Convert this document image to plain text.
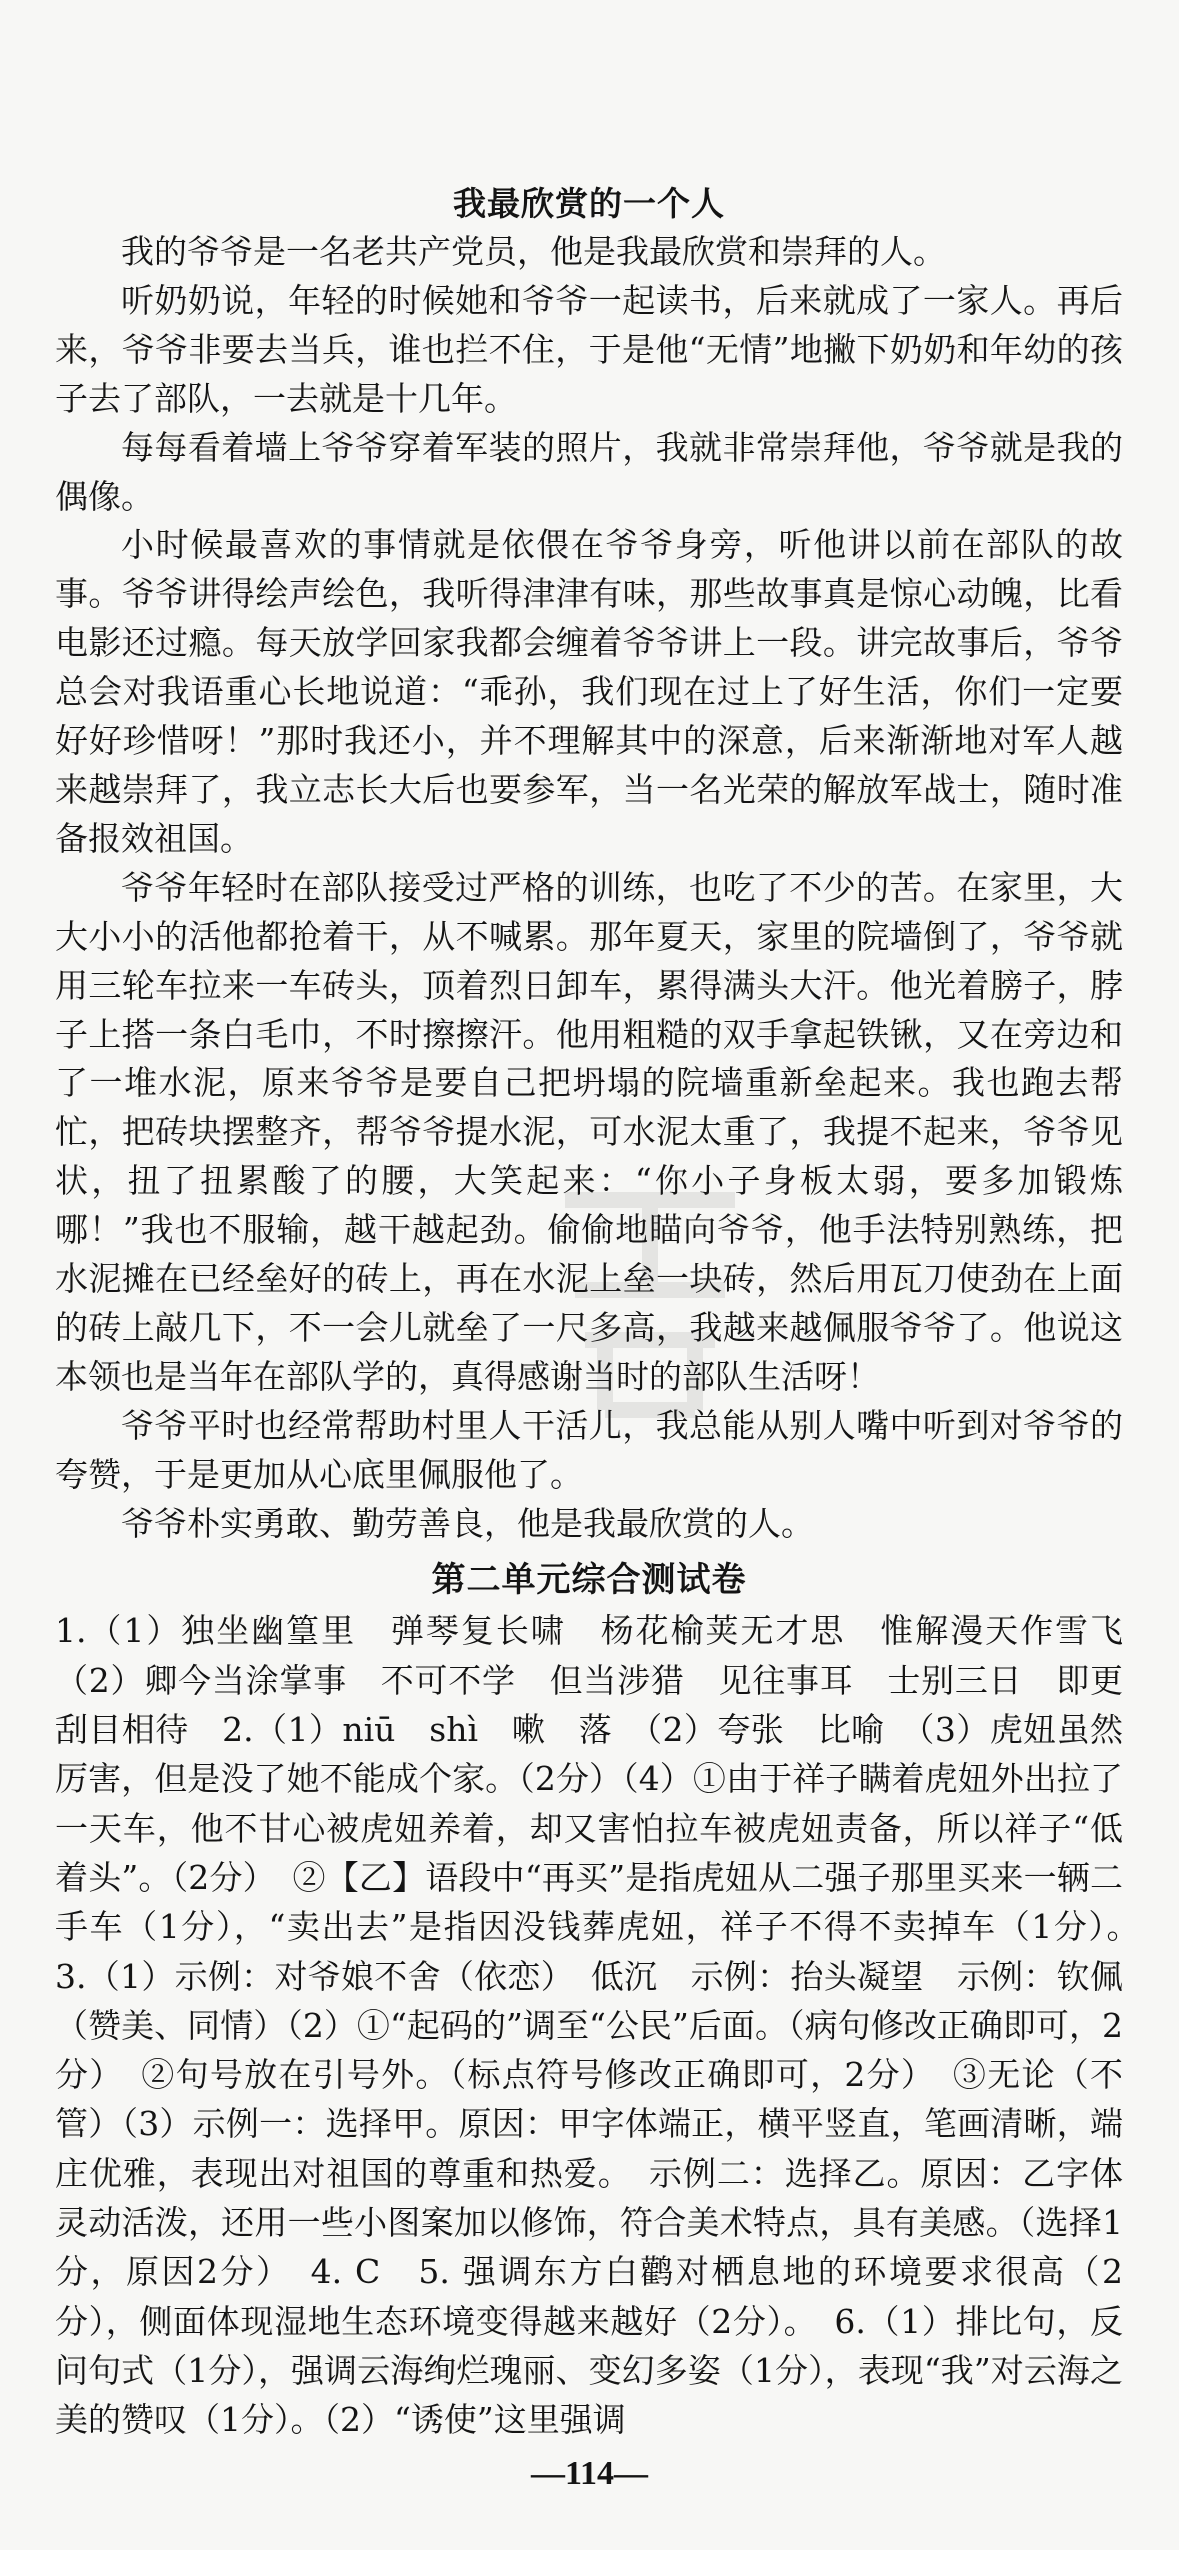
我最欣赏的一个人

我的爷爷是一名老共产党员，他是我最欣赏和崇拜的人。

听奶奶说，年轻的时候她和爷爷一起读书，后来就成了一家人。再后来，爷爷非要去当兵，谁也拦不住，于是他“无情”地撇下奶奶和年幼的孩子去了部队，一去就是十几年。

每每看着墙上爷爷穿着军装的照片，我就非常崇拜他，爷爷就是我的偶像。

小时候最喜欢的事情就是依偎在爷爷身旁，听他讲以前在部队的故事。爷爷讲得绘声绘色，我听得津津有味，那些故事真是惊心动魄，比看电影还过瘾。每天放学回家我都会缠着爷爷讲上一段。讲完故事后，爷爷总会对我语重心长地说道：“乖孙，我们现在过上了好生活，你们一定要好好珍惜呀！”那时我还小，并不理解其中的深意，后来渐渐地对军人越来越崇拜了，我立志长大后也要参军，当一名光荣的解放军战士，随时准备报效祖国。

爷爷年轻时在部队接受过严格的训练，也吃了不少的苦。在家里，大大小小的活他都抢着干，从不喊累。那年夏天，家里的院墙倒了，爷爷就用三轮车拉来一车砖头，顶着烈日卸车，累得满头大汗。他光着膀子，脖子上搭一条白毛巾，不时擦擦汗。他用粗糙的双手拿起铁锹，又在旁边和了一堆水泥，原来爷爷是要自己把坍塌的院墙重新垒起来。我也跑去帮忙，把砖块摆整齐，帮爷爷提水泥，可水泥太重了，我提不起来，爷爷见状，扭了扭累酸了的腰，大笑起来：“你小子身板太弱，要多加锻炼哪！”我也不服输，越干越起劲。偷偷地瞄向爷爷，他手法特别熟练，把水泥摊在已经垒好的砖上，再在水泥上垒一块砖，然后用瓦刀使劲在上面的砖上敲几下，不一会儿就垒了一尺多高，我越来越佩服爷爷了。他说这本领也是当年在部队学的，真得感谢当时的部队生活呀！

爷爷平时也经常帮助村里人干活儿，我总能从别人嘴中听到对爷爷的夸赞，于是更加从心底里佩服他了。

爷爷朴实勇敢、勤劳善良，他是我最欣赏的人。

第二单元综合测试卷

1.（1）独坐幽篁里　弹琴复长啸　杨花榆荚无才思　惟解漫天作雪飞　（2）卿今当涂掌事　不可不学　但当涉猎　见往事耳　士别三日　即更刮目相待　2.（1）niū　shì　嗽　落　（2）夸张　比喻　（3）虎妞虽然厉害，但是没了她不能成个家。（2分）（4）①由于祥子瞒着虎妞外出拉了一天车，他不甘心被虎妞养着，却又害怕拉车被虎妞责备，所以祥子“低着头”。（2分）　②【乙】语段中“再买”是指虎妞从二强子那里买来一辆二手车（1分），“卖出去”是指因没钱葬虎妞，祥子不得不卖掉车（1分）。　3.（1）示例：对爷娘不舍（依恋）　低沉　示例：抬头凝望　示例：钦佩（赞美、同情）（2）①“起码的”调至“公民”后面。（病句修改正确即可，2分）　②句号放在引号外。（标点符号修改正确即可，2分）　③无论（不管）（3）示例一：选择甲。原因：甲字体端正，横平竖直，笔画清晰，端庄优雅，表现出对祖国的尊重和热爱。　示例二：选择乙。原因：乙字体灵动活泼，还用一些小图案加以修饰，符合美术特点，具有美感。（选择1分，原因2分）　4. C　5. 强调东方白鹳对栖息地的环境要求很高（2分），侧面体现湿地生态环境变得越来越好（2分）。　6.（1）排比句，反问句式（1分），强调云海绚烂瑰丽、变幻多姿（1分），表现“我”对云海之美的赞叹（1分）。（2）“诱使”这里强调

—114—
